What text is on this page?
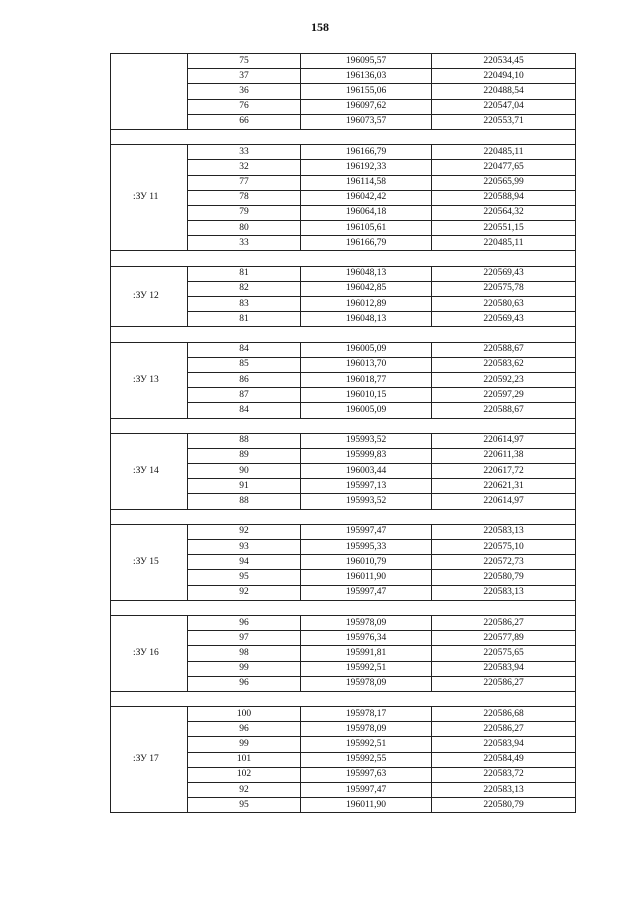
158
	75	196095,57	220534,45
	37	196136,03	220494,10
	36	196155,06	220488,54
	76	196097,62	220547,04
	66	196073,57	220553,71

:ЗУ 11	33	196166,79	220485,11
	32	196192,33	220477,65
	77	196114,58	220565,99
	78	196042,42	220588,94
	79	196064,18	220564,32
	80	196105,61	220551,15
	33	196166,79	220485,11

:ЗУ 12	81	196048,13	220569,43
	82	196042,85	220575,78
	83	196012,89	220580,63
	81	196048,13	220569,43

:ЗУ 13	84	196005,09	220588,67
	85	196013,70	220583,62
	86	196018,77	220592,23
	87	196010,15	220597,29
	84	196005,09	220588,67

:ЗУ 14	88	195993,52	220614,97
	89	195999,83	220611,38
	90	196003,44	220617,72
	91	195997,13	220621,31
	88	195993,52	220614,97

:ЗУ 15	92	195997,47	220583,13
	93	195995,33	220575,10
	94	196010,79	220572,73
	95	196011,90	220580,79
	92	195997,47	220583,13

:ЗУ 16	96	195978,09	220586,27
	97	195976,34	220577,89
	98	195991,81	220575,65
	99	195992,51	220583,94
	96	195978,09	220586,27

:ЗУ 17	100	195978,17	220586,68
	96	195978,09	220586,27
	99	195992,51	220583,94
	101	195992,55	220584,49
	102	195997,63	220583,72
	92	195997,47	220583,13
	95	196011,90	220580,79
